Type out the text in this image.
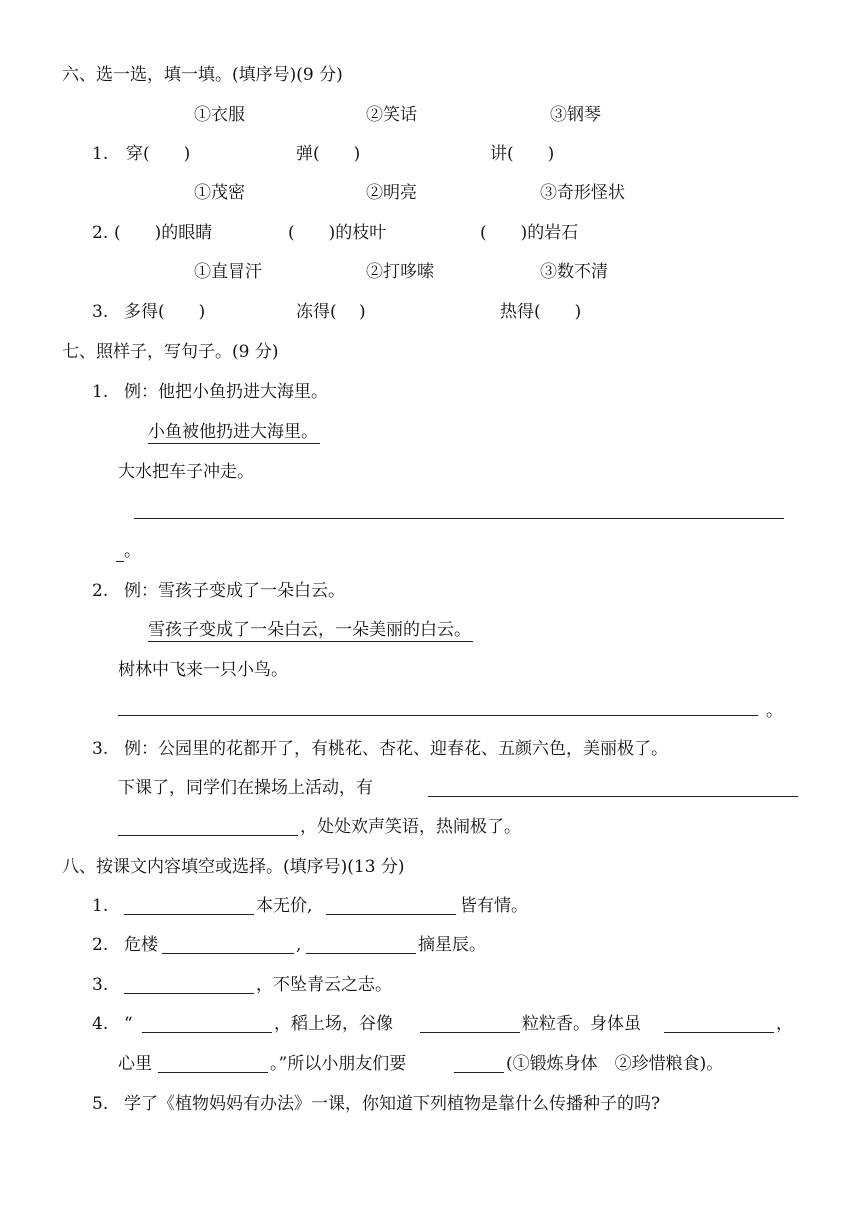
六、选一选，填一填。(填序号)(9 分)
①衣服	②笑话	③钢琴
1. 穿(　　)	弹(　　)	讲(　　)
①茂密	②明亮	③奇形怪状
2. (　　)的眼睛	(　　)的枝叶	(　　)的岩石
①直冒汗	②打哆嗦	③数不清
3. 多得(　　)	冻得(　 )	热得(　　)
七、照样子，写句子。(9 分)
1. 例：他把小鱼扔进大海里。
小鱼被他扔进大海里。
大水把车子冲走。
。
2. 例：雪孩子变成了一朵白云。
雪孩子变成了一朵白云，一朵美丽的白云。
树林中飞来一只小鸟。
。
3. 例：公园里的花都开了，有桃花、杏花、迎春花、五颜六色，美丽极了。
下课了，同学们在操场上活动，有
，处处欢声笑语，热闹极了。
八、按课文内容填空或选择。(填序号)(13 分)
1.	本无价,	皆有情。
2. 危楼	,	摘星辰。
3.	，不坠青云之志。
4. “	，稻上场，谷像	粒粒香。身体虽	，
心里	。”所以小朋友们要	(①锻炼身体　②珍惜粮食)。
5. 学了《植物妈妈有办法》一课，你知道下列植物是靠什么传播种子的吗?
